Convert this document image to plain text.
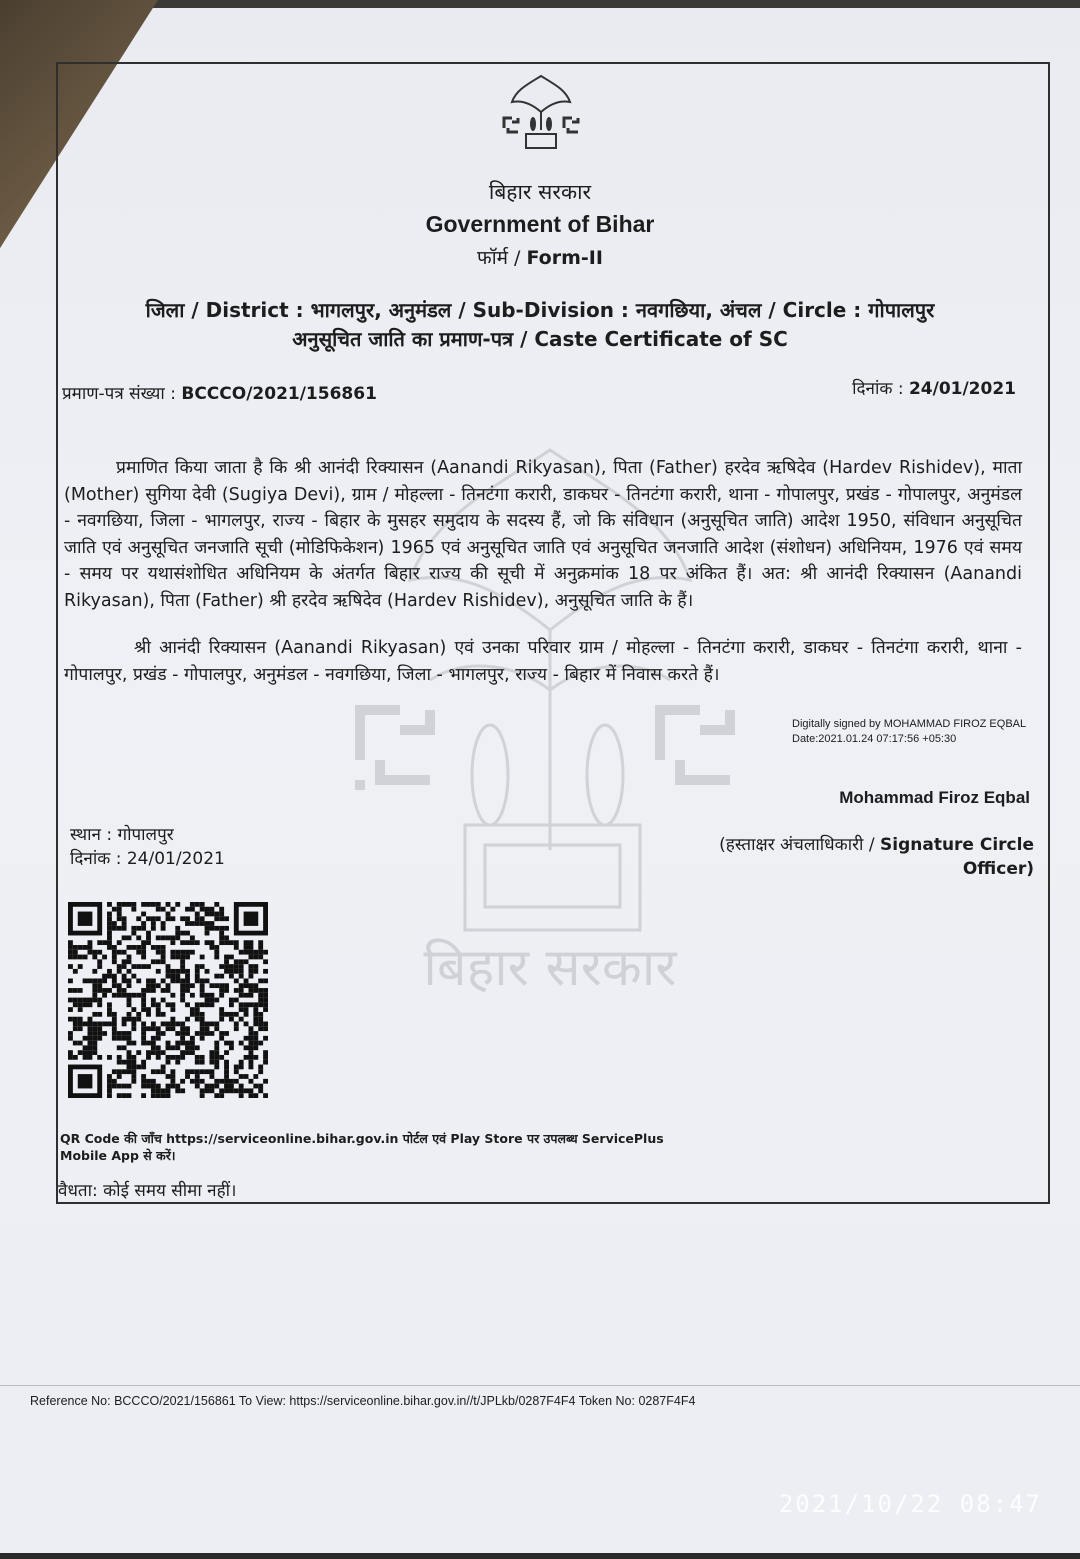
बिहार सरकार
बिहार सरकार
Government of Bihar
फॉर्म / Form-II
जिला / District : भागलपुर, अनुमंडल / Sub-Division : नवगछिया, अंचल / Circle : गोपालपुर
अनुसूचित जाति का प्रमाण-पत्र / Caste Certificate of SC
प्रमाण-पत्र संख्या : BCCCO/2021/156861	दिनांक : 24/01/2021
प्रमाणित किया जाता है कि श्री आनंदी रिक्यासन (Aanandi Rikyasan), पिता (Father) हरदेव ऋषिदेव (Hardev Rishidev), माता (Mother) सुगिया देवी (Sugiya Devi), ग्राम / मोहल्ला - तिनटंगा करारी, डाकघर - तिनटंगा करारी, थाना - गोपालपुर, प्रखंड - गोपालपुर, अनुमंडल - नवगछिया, जिला - भागलपुर, राज्य - बिहार के मुसहर समुदाय के सदस्य हैं, जो कि संविधान (अनुसूचित जाति) आदेश 1950, संविधान अनुसूचित जाति एवं अनुसूचित जनजाति सूची (मोडिफिकेशन) 1965 एवं अनुसूचित जाति एवं अनुसूचित जनजाति आदेश (संशोधन) अधिनियम, 1976 एवं समय - समय पर यथासंशोधित अधिनियम के अंतर्गत बिहार राज्य की सूची में अनुक्रमांक 18 पर अंकित हैं। अत: श्री आनंदी रिक्यासन (Aanandi Rikyasan), पिता (Father) श्री हरदेव ऋषिदेव (Hardev Rishidev), अनुसूचित जाति के हैं।
श्री आनंदी रिक्यासन (Aanandi Rikyasan) एवं उनका परिवार ग्राम / मोहल्ला - तिनटंगा करारी, डाकघर - तिनटंगा करारी, थाना - गोपालपुर, प्रखंड - गोपालपुर, अनुमंडल - नवगछिया, जिला - भागलपुर, राज्य - बिहार में निवास करते हैं।
Digitally signed by MOHAMMAD FIROZ EQBAL
Date:2021.01.24 07:17:56 +05:30
Mohammad Firoz Eqbal
(हस्ताक्षर अंचलाधिकारी / Signature Circle Officer)
स्थान : गोपालपुर
दिनांक : 24/01/2021
QR Code की जाँच https://serviceonline.bihar.gov.in पोर्टल एवं Play Store पर उपलब्ध ServicePlus Mobile App से करें।
वैधता: कोई समय सीमा नहीं।
Reference No: BCCCO/2021/156861 To View: https://serviceonline.bihar.gov.in//t/JPLkb/0287F4F4 Token No: 0287F4F4
2021/10/22 08:47
